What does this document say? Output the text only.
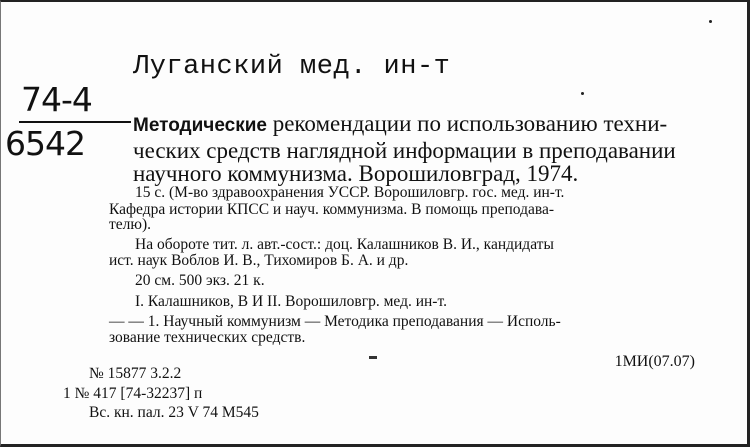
Луганский мед. ин-т
74-4
6542	Методические рекомендации по использованию техни-
ческих средств наглядной информации в преподавании
научного коммунизма. Ворошиловград, 1974.
15 с. (М-во здравоохранения УССР. Ворошиловгр. гос. мед. ин-т.
Кафедра истории КПСС и науч. коммунизма. В помощь преподава-
телю).
На обороте тит. л. авт.-сост.: доц. Калашников В. И., кандидаты
ист. наук Воблов И. В., Тихомиров Б. А. и др.
20 см. 500 экз. 21 к.
I. Калашников, В И II. Ворошиловгр. мед. ин-т.
— — 1. Научный коммунизм — Методика преподавания — Исполь-
зование технических средств.
1МИ(07.07)
№ 15877 3.2.2
1 № 417 [74-32237] п
Вс. кн. пал. 23 V 74 М545
